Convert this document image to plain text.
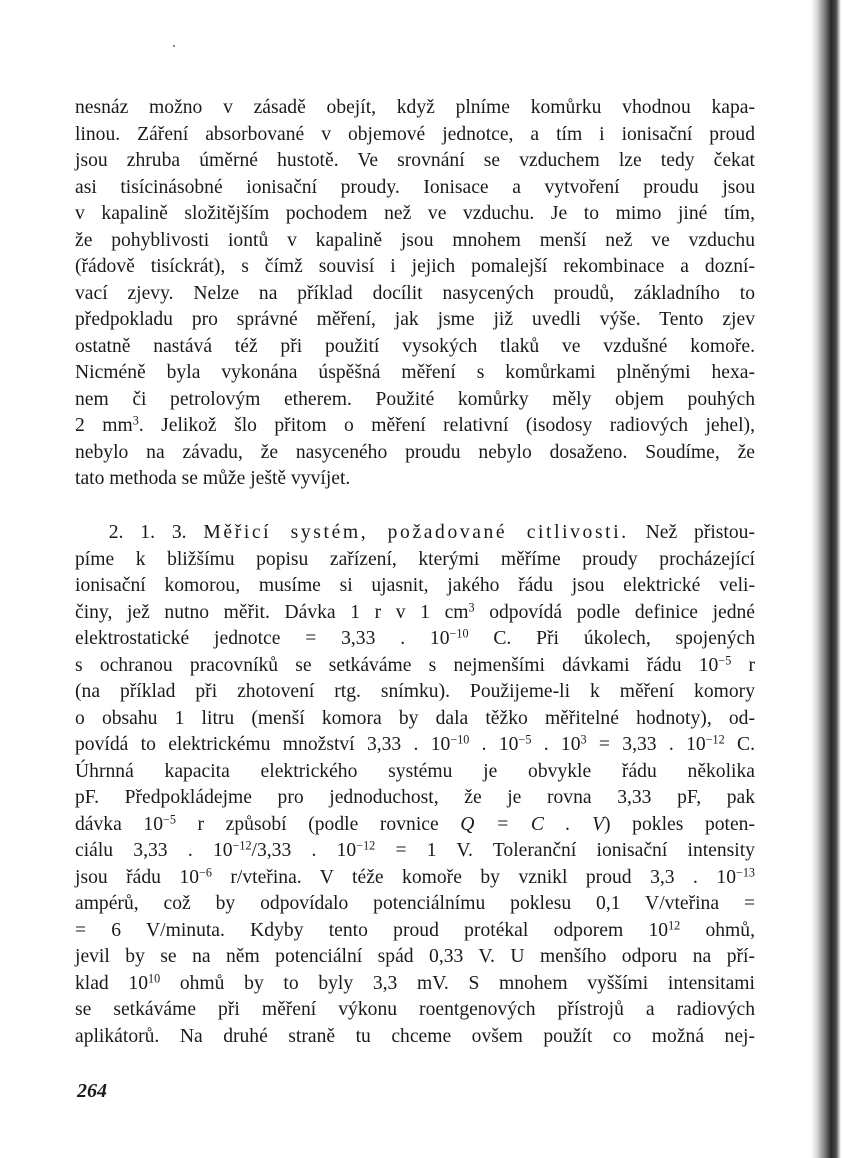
nesnáz možno v zásadě obejít, když plníme komůrku vhodnou kapa-
linou. Záření absorbované v objemové jednotce, a tím i ionisační proud
jsou zhruba úměrné hustotě. Ve srovnání se vzduchem lze tedy čekat
asi tisícinásobné ionisační proudy. Ionisace a vytvoření proudu jsou
v kapalině složitějším pochodem než ve vzduchu. Je to mimo jiné tím,
že pohyblivosti iontů v kapalině jsou mnohem menší než ve vzduchu
(řádově tisíckrát), s čímž souvisí i jejich pomalejší rekombinace a dozní-
vací zjevy. Nelze na příklad docílit nasycených proudů, základního to
předpokladu pro správné měření, jak jsme již uvedli výše. Tento zjev
ostatně nastává též při použití vysokých tlaků ve vzdušné komoře.
Nicméně byla vykonána úspěšná měření s komůrkami plněnými hexa-
nem či petrolovým etherem. Použité komůrky měly objem pouhých
2 $mm^3$. Jelikož šlo přitom o měření relativní (isodosy radiových jehel),
nebylo na závadu, že nasyceného proudu nebylo dosaženo. Soudíme, že
tato methoda se může ještě vyvíjet.
2. 1. 3. Měřicí systém, požadované citlivosti. Než přistou-
píme k bližšímu popisu zařízení, kterými měříme proudy procházející
ionisační komorou, musíme si ujasnit, jakého řádu jsou elektrické veli-
činy, jež nutno měřit. Dávka 1 r v 1 $cm^3$ odpovídá podle definice jedné
elektrostatické jednotce = 3,33 . $10^{-10}$ C. Při úkolech, spojených
s ochranou pracovníků se setkáváme s nejmenšími dávkami řádu $10^{-5}$ r
(na příklad při zhotovení rtg. snímku). Použijeme-li k měření komory
o obsahu 1 litru (menší komora by dala těžko měřitelné hodnoty), od-
povídá to elektrickému množství 3,33 . $10^{-10}$ . $10^{-5}$ . $10^3 = 3,33$ . $10^{-12}$ C.
Úhrnná kapacita elektrického systému je obvykle řádu několika
pF. Předpokládejme pro jednoduchost, že je rovna 3,33 pF, pak
dávka $10^{-5}$ r způsobí (podle rovnice Q = C . V) pokles poten-
ciálu 3,33 . $10^{-12}/3,33$ . $10^{-12} = 1$ V. Toleranční ionisační intensity
jsou řádu $10^{-6}$ r/vteřina. V téže komoře by vznikl proud 3,3 . $10^{-13}$
ampérů, což by odpovídalo potenciálnímu poklesu 0,1 V/vteřina =
= 6 V/minuta. Kdyby tento proud protékal odporem $10^{12}$ ohmů,
jevil by se na něm potenciální spád 0,33 V. U menšího odporu na pří-
klad $10^{10}$ ohmů by to byly 3,3 mV. S mnohem vyššími intensitami
se setkáváme při měření výkonu roentgenových přístrojů a radiových
aplikátorů. Na druhé straně tu chceme ovšem použít co možná nej-
264
